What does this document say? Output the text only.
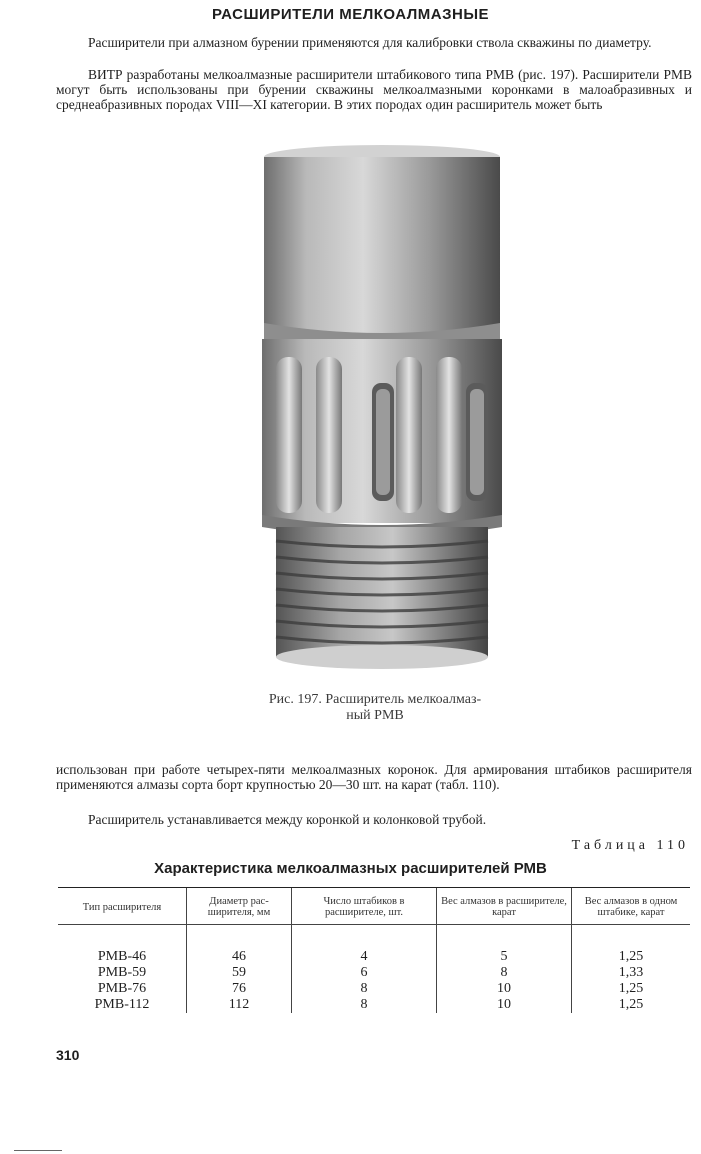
РАСШИРИТЕЛИ МЕЛКОАЛМАЗНЫЕ

Расширители при алмазном бурении применяются для калибровки ствола скважины по диаметру.

ВИТР разработаны мелкоалмазные расширители штабикового типа РМВ (рис. 197). Расширители РМВ могут быть использованы при бурении скважины мелкоалмазными коронками в малоабразивных и среднеабразивных породах VIII—XI категории. В этих породах один расширитель может быть

Рис. 197. Расширитель мелкоалмаз-
ный РМВ

использован при работе четырех-пяти мелкоалмазных коронок. Для армирования штабиков расширителя применяются алмазы сорта борт крупностью 20—30 шт. на карат (табл. 110).

Расширитель устанавливается между коронкой и колонковой трубой.

Таблица 110
Характеристика мелкоалмазных расширителей РМВ
Тип расширителя	Диаметр рас-ширителя, мм	Число штабиков в расширителе, шт.	Вес алмазов в расширителе, карат	Вес алмазов в одном штабике, карат
РМВ-46	46	4	5	1,25
РМВ-59	59	6	8	1,33
РМВ-76	76	8	10	1,25
РМВ-112	112	8	10	1,25
310
